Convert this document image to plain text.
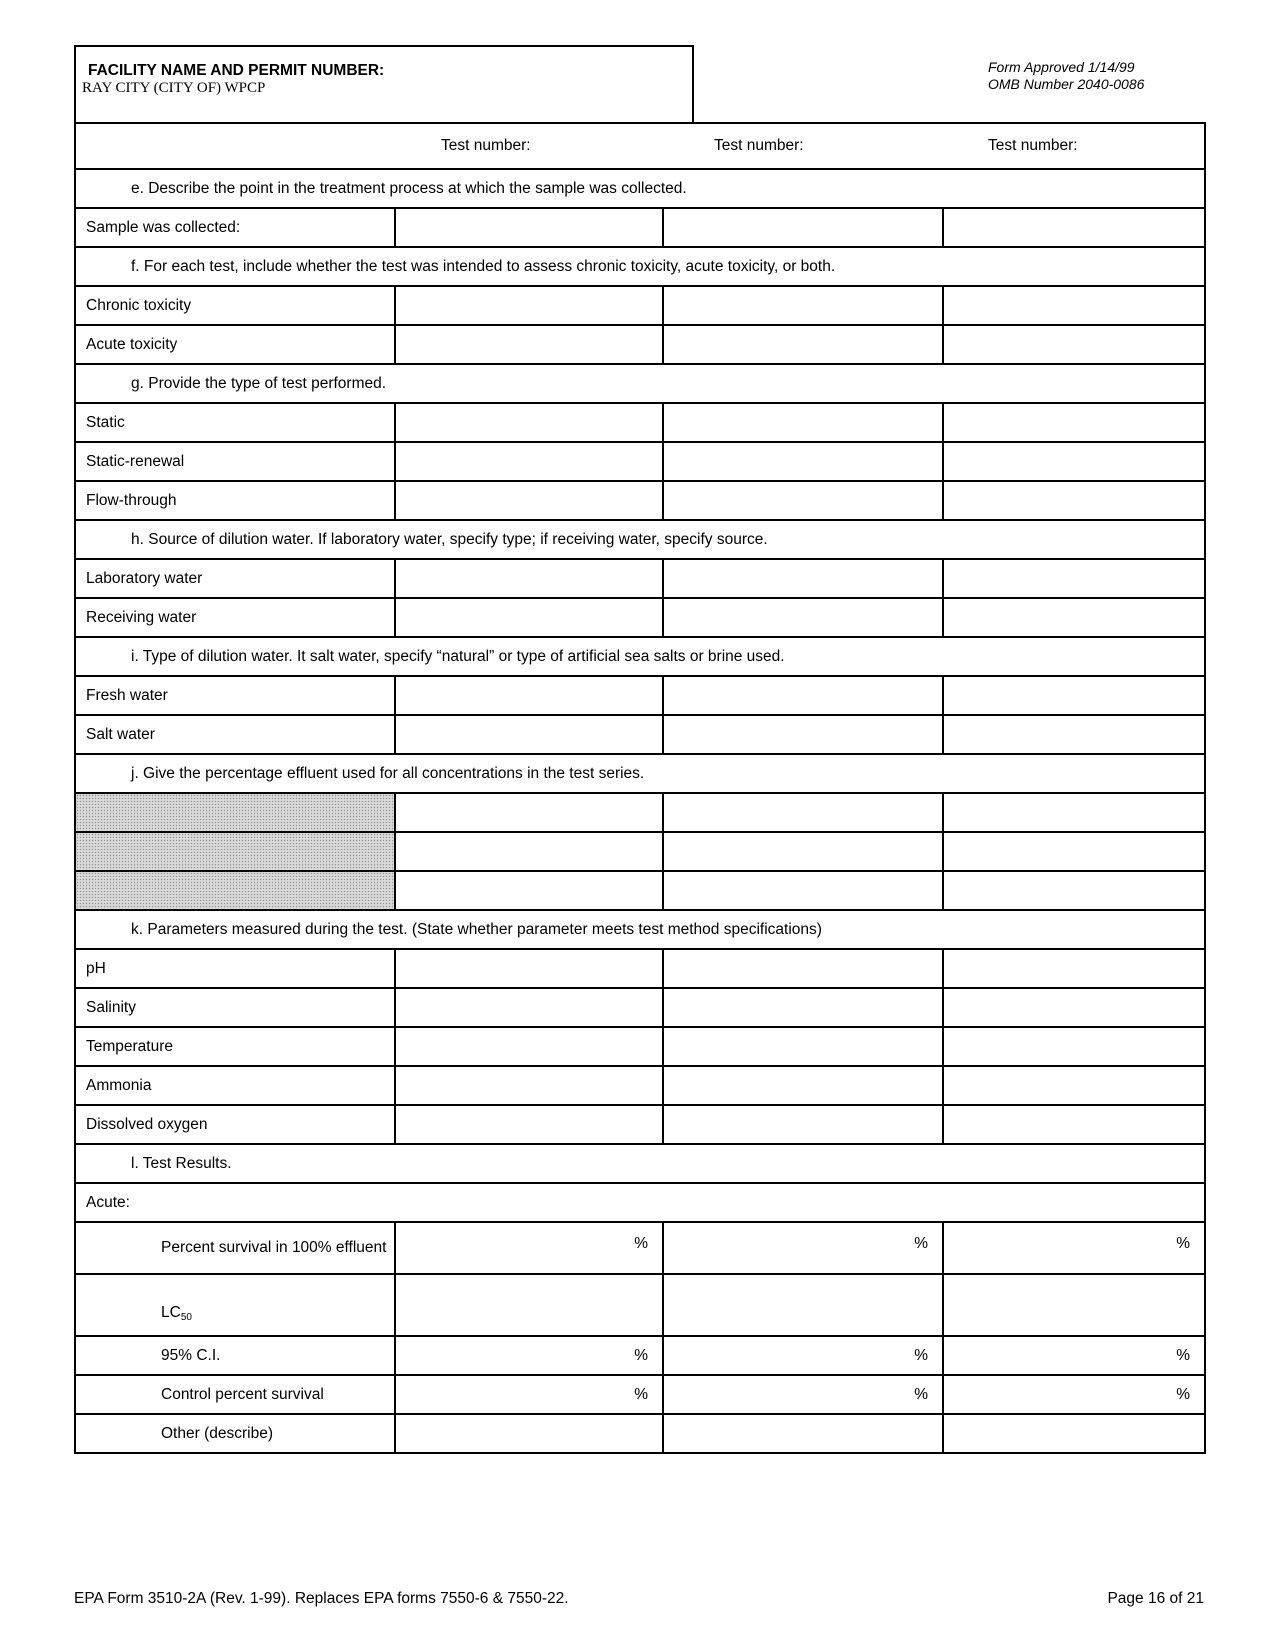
FACILITY NAME AND PERMIT NUMBER:
RAY CITY (CITY OF) WPCP
Form Approved 1/14/99
OMB Number 2040-0086
Test number: Test number: Test number:			

e. Describe the point in the treatment process at which the sample was collected.			
Sample was collected:			
f. For each test, include whether the test was intended to assess chronic toxicity, acute toxicity, or both.			
Chronic toxicity			
Acute toxicity			
g. Provide the type of test performed.			
Static			
Static-renewal			
Flow-through			
h. Source of dilution water. If laboratory water, specify type; if receiving water, specify source.			
Laboratory water			
Receiving water			
i. Type of dilution water. It salt water, specify “natural” or type of artificial sea salts or brine used.			
Fresh water			
Salt water			
j. Give the percentage effluent used for all concentrations in the test series.			

k. Parameters measured during the test. (State whether parameter meets test method specifications)			
pH			
Salinity			
Temperature			
Ammonia			
Dissolved oxygen			
l. Test Results.			
Acute:			
Percent survival in 100% effluent	%	%	%
LC50			
95% C.I.	%	%	%
Control percent survival	%	%	%
Other (describe)			
EPA Form 3510-2A (Rev. 1-99). Replaces EPA forms 7550-6 & 7550-22.	Page 16 of 21
